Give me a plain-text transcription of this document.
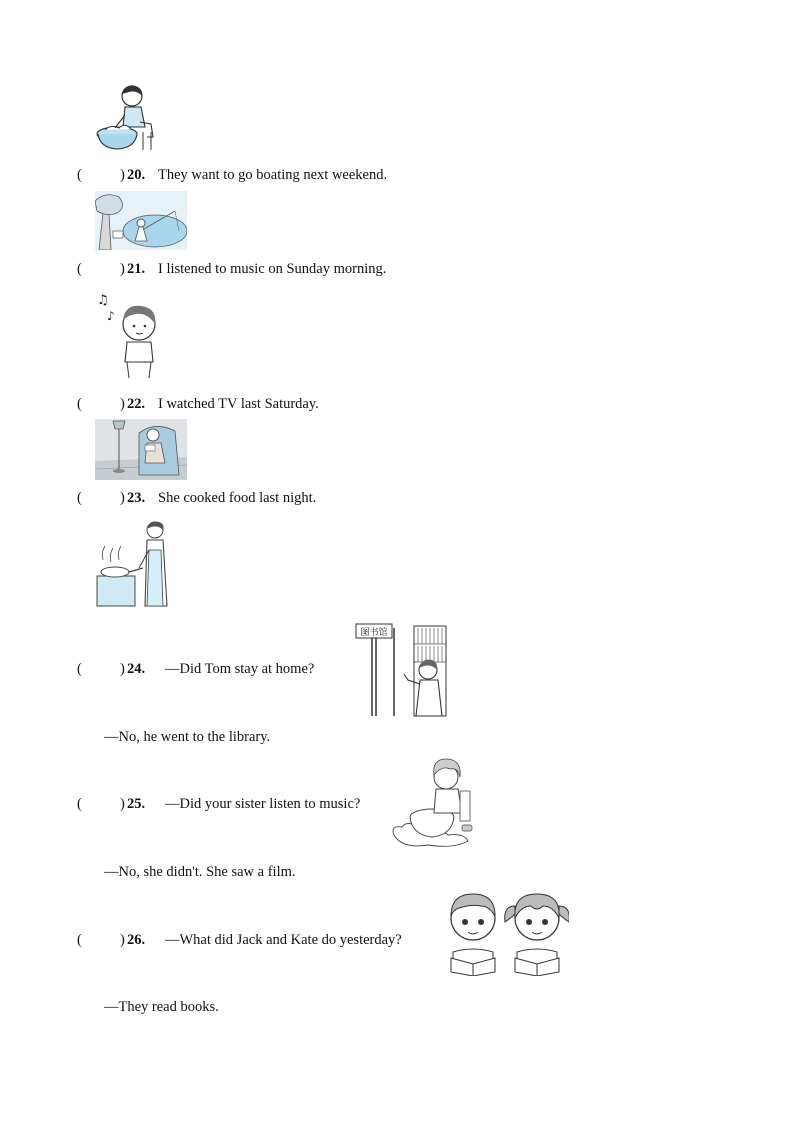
(	) 20. They want to go boating next weekend.
(	) 21. I listened to music on Sunday morning.
♫
♪
(	) 22. I watched TV last Saturday.
(	) 23. She cooked food last night.
(	) 24. —Did Tom stay at home?
—No, he went to the library.
图书馆
(	) 25. —Did your sister listen to music?
—No, she didn't. She saw a film.
(	) 26. —What did Jack and Kate do yesterday?
—They read books.
